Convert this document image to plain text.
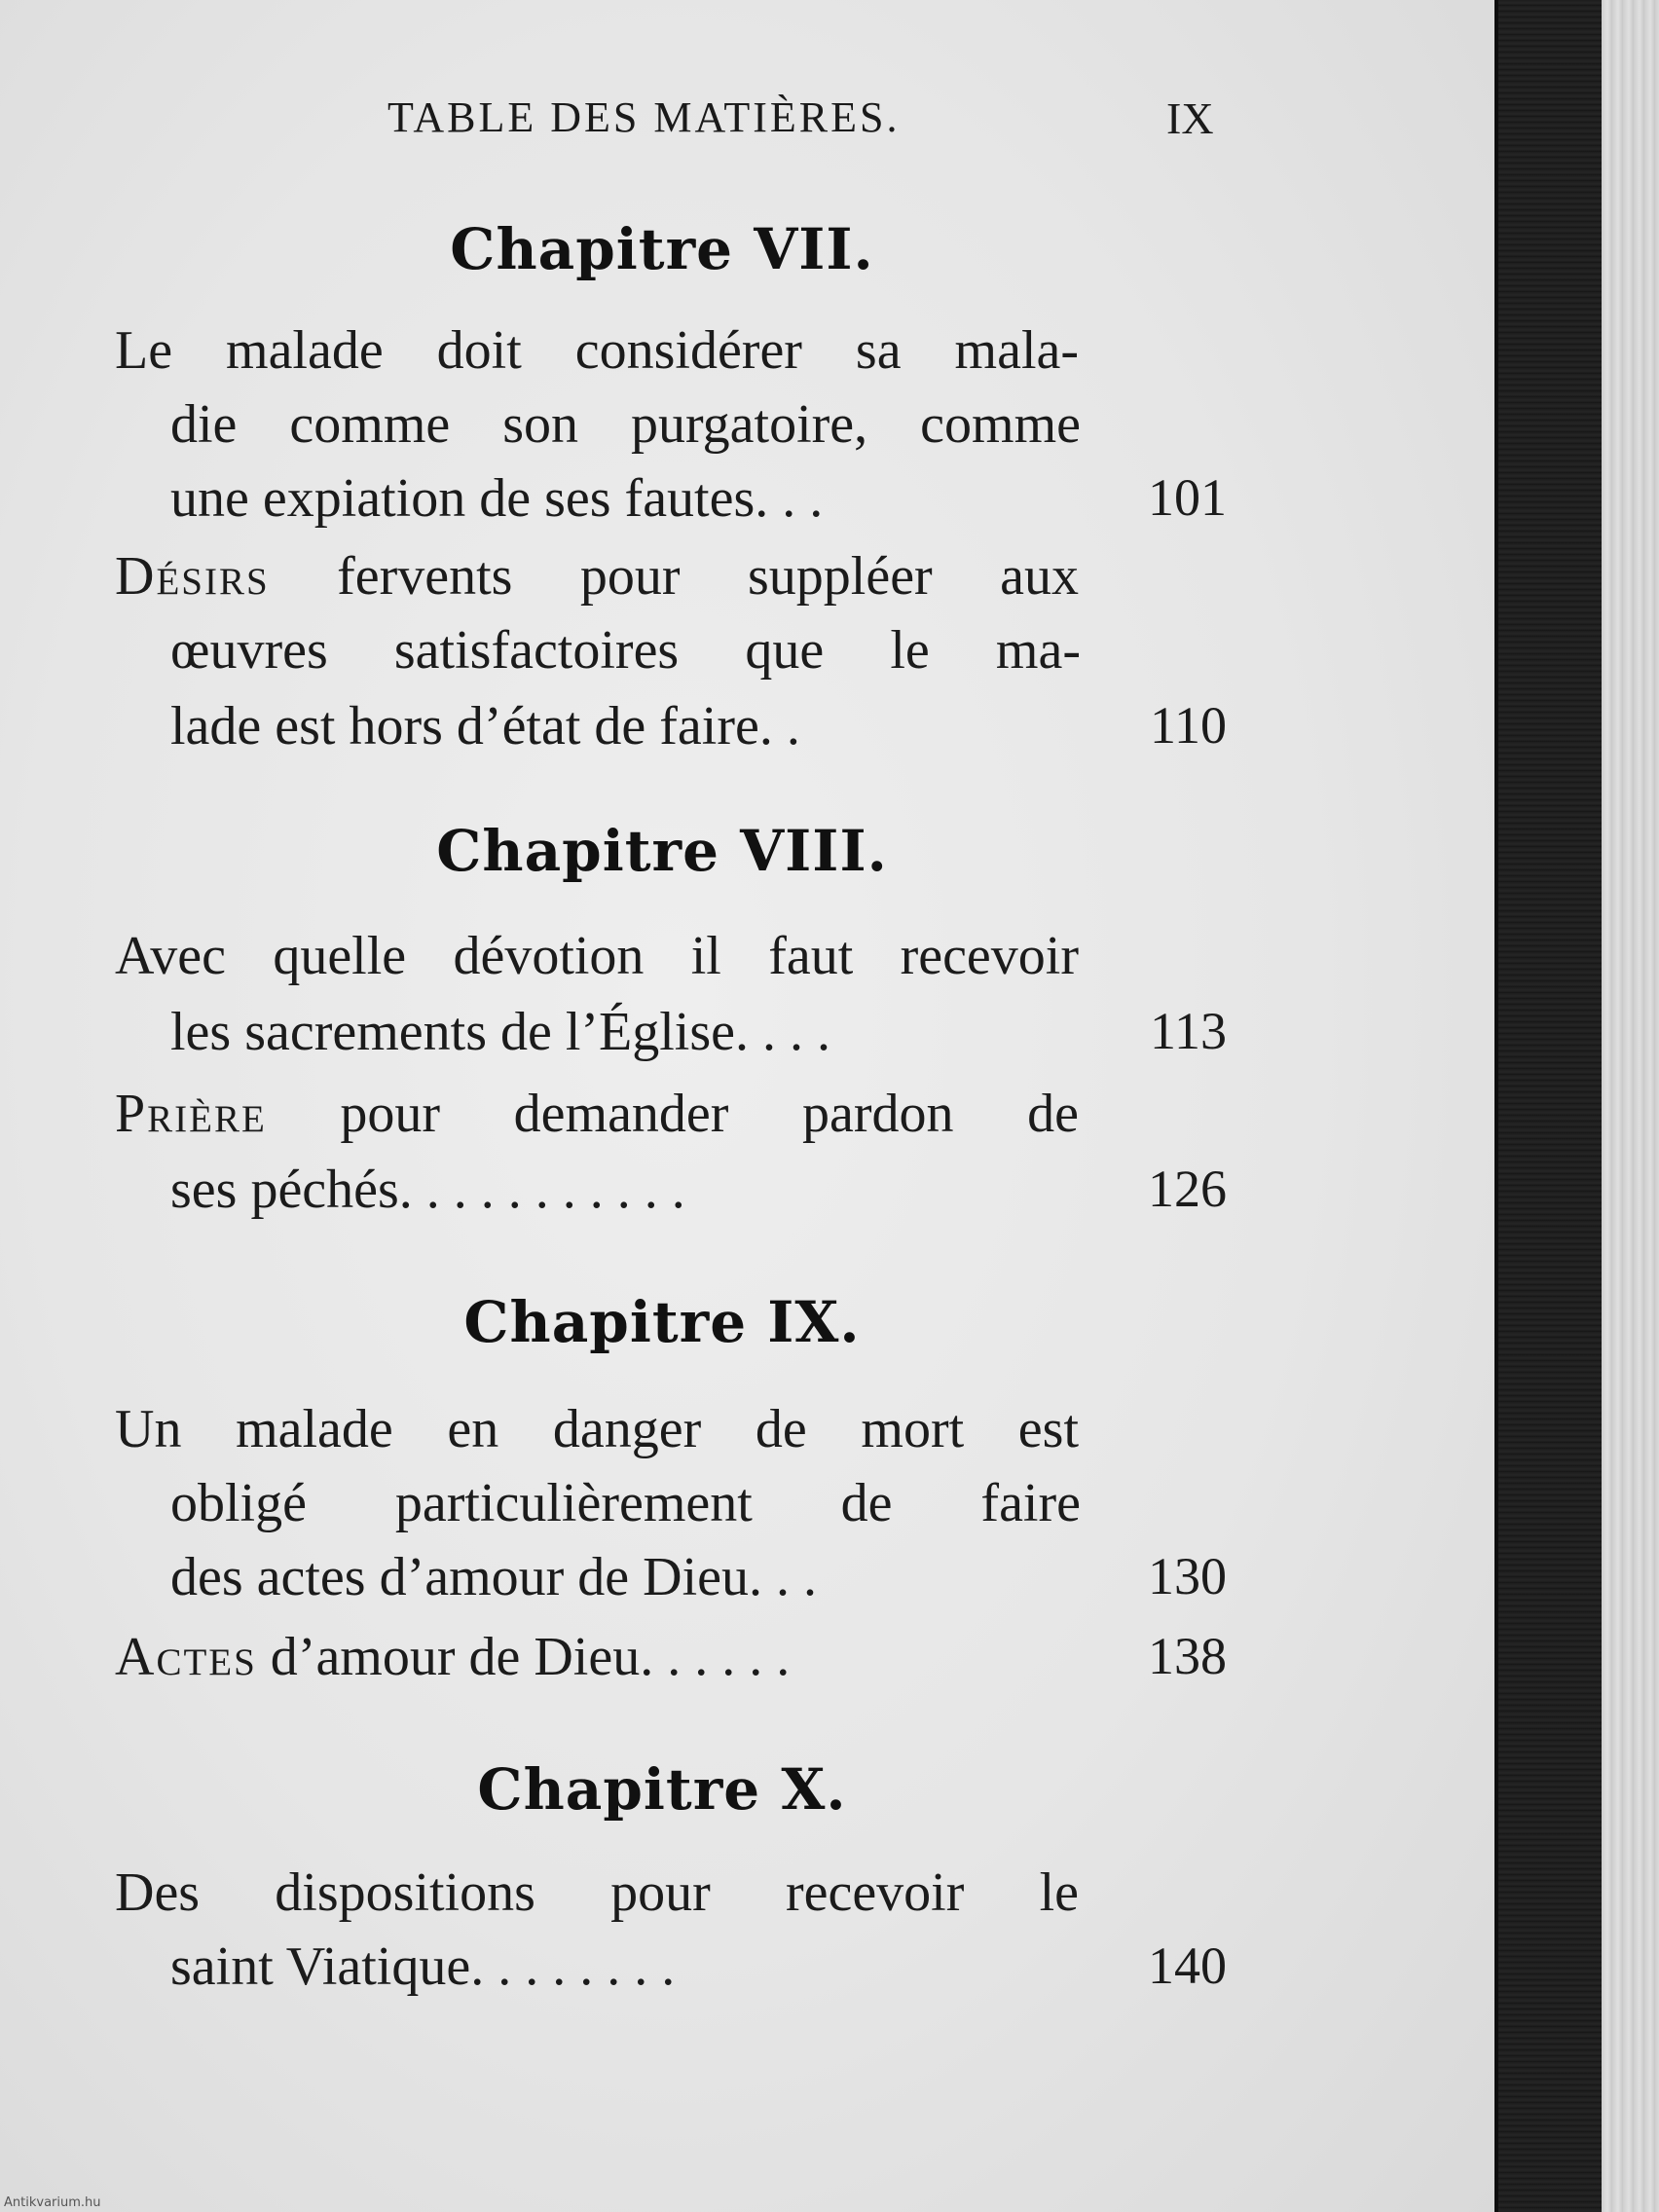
TABLE DES MATIÈRES.	IX
Chapitre VII.
Le malade doit considérer sa mala-
die comme son purgatoire, comme
une expiation de ses fautes. . .	101
Désirs fervents pour suppléer aux
œuvres satisfactoires que le ma-
lade est hors d’état de faire. .	110
Chapitre VIII.
Avec quelle dévotion il faut recevoir
les sacrements de l’Église. . . .	113
Prière pour demander pardon de
ses péchés. . . . . . . . . . .	126
Chapitre IX.
Un malade en danger de mort est
obligé particulièrement de faire
des actes d’amour de Dieu. . .	130
Actes d’amour de Dieu. . . . . .	138
Chapitre X.
Des dispositions pour recevoir le
saint Viatique. . . . . . . .	140
Antikvarium.hu
